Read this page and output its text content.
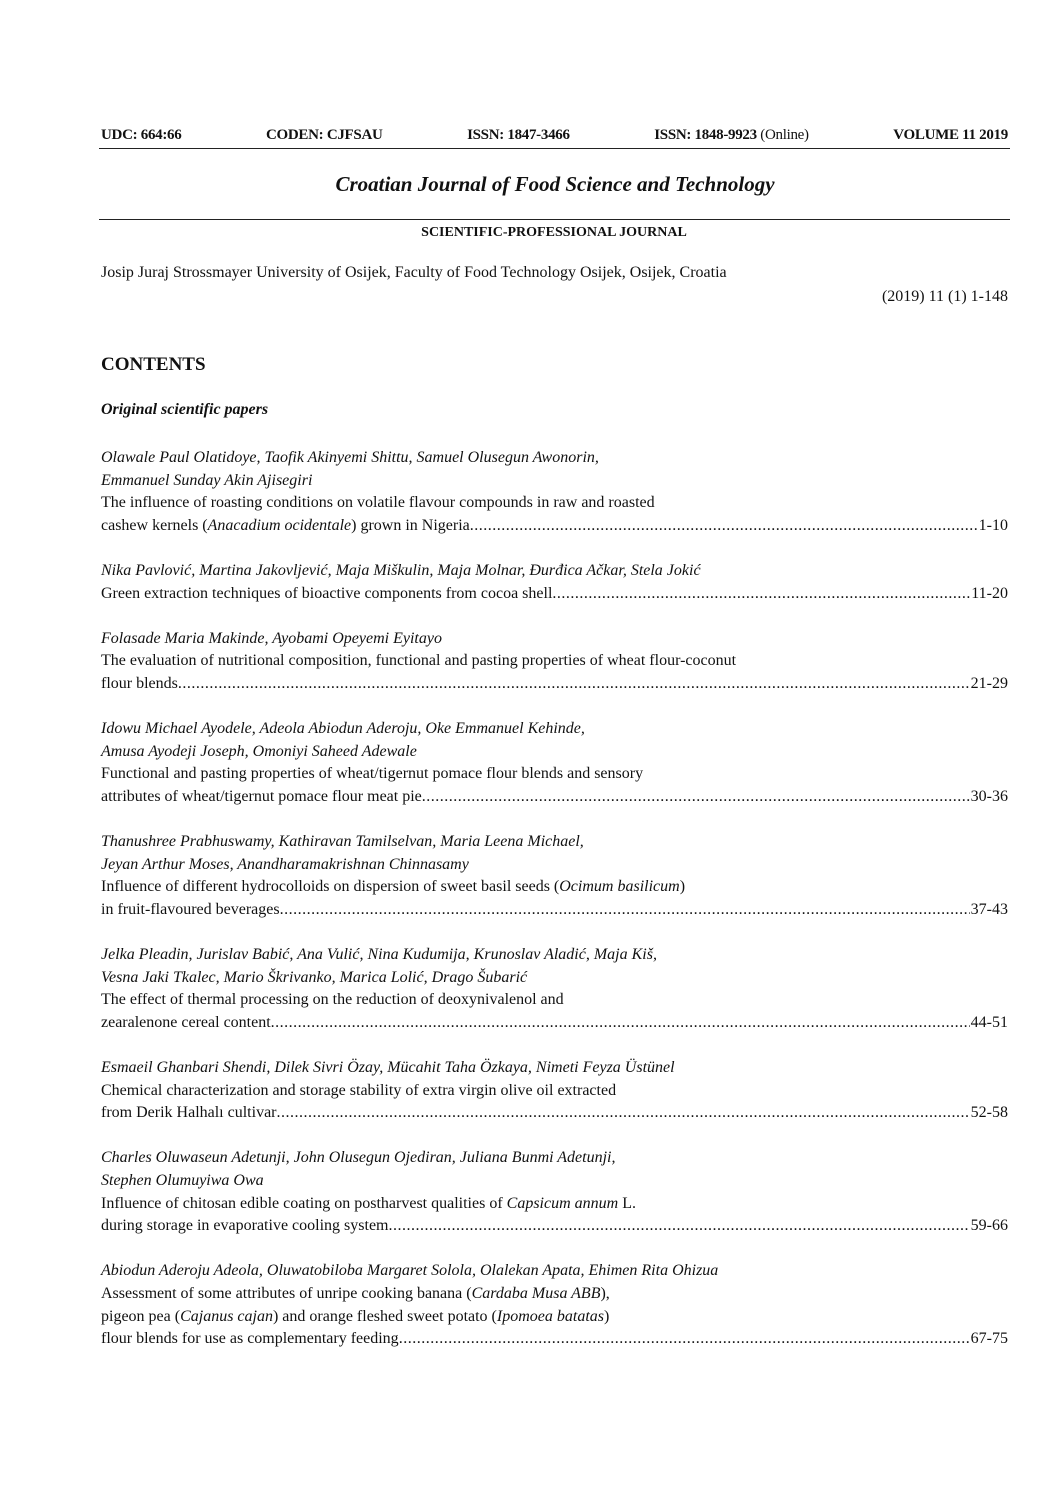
UDC: 664:66	CODEN: CJFSAU	ISSN: 1847-3466	ISSN: 1848-9923 (Online)	VOLUME 11 2019
Croatian Journal of Food Science and Technology
SCIENTIFIC-PROFESSIONAL JOURNAL
Josip Juraj Strossmayer University of Osijek, Faculty of Food Technology Osijek, Osijek, Croatia
(2019) 11 (1) 1-148
CONTENTS
Original scientific papers
Olawale Paul Olatidoye, Taofik Akinyemi Shittu, Samuel Olusegun Awonorin,
Emmanuel Sunday Akin Ajisegiri
The influence of roasting conditions on volatile flavour compounds in raw and roasted
cashew kernels (Anacadium ocidentale) grown in Nigeria .....	1-10
Nika Pavlović, Martina Jakovljević, Maja Miškulin, Maja Molnar, Đurđica Ačkar, Stela Jokić
Green extraction techniques of bioactive components from cocoa shell .....	11-20
Folasade Maria Makinde, Ayobami Opeyemi Eyitayo
The evaluation of nutritional composition, functional and pasting properties of wheat flour-coconut
flour blends .....	21-29
Idowu Michael Ayodele, Adeola Abiodun Aderoju, Oke Emmanuel Kehinde,
Amusa Ayodeji Joseph, Omoniyi Saheed Adewale
Functional and pasting properties of wheat/tigernut pomace flour blends and sensory
attributes of wheat/tigernut pomace flour meat pie .....	30-36
Thanushree Prabhuswamy, Kathiravan Tamilselvan, Maria Leena Michael,
Jeyan Arthur Moses, Anandharamakrishnan Chinnasamy
Influence of different hydrocolloids on dispersion of sweet basil seeds (Ocimum basilicum)
in fruit-flavoured beverages .....	37-43
Jelka Pleadin, Jurislav Babić, Ana Vulić, Nina Kudumija, Krunoslav Aladić, Maja Kiš,
Vesna Jaki Tkalec, Mario Škrivanko, Marica Lolić, Drago Šubarić
The effect of thermal processing on the reduction of deoxynivalenol and
zearalenone cereal content .....	44-51
Esmaeil Ghanbari Shendi, Dilek Sivri Özay, Mücahit Taha Özkaya, Nimeti Feyza Üstünel
Chemical characterization and storage stability of extra virgin olive oil extracted
from Derik Halhalı cultivar .....	52-58
Charles Oluwaseun Adetunji, John Olusegun Ojediran, Juliana Bunmi Adetunji,
Stephen Olumuyiwa Owa
Influence of chitosan edible coating on postharvest qualities of Capsicum annum L.
during storage in evaporative cooling system .....	59-66
Abiodun Aderoju Adeola, Oluwatobiloba Margaret Solola, Olalekan Apata, Ehimen Rita Ohizua
Assessment of some attributes of unripe cooking banana (Cardaba Musa ABB),
pigeon pea (Cajanus cajan) and orange fleshed sweet potato (Ipomoea batatas)
flour blends for use as complementary feeding .....	67-75
